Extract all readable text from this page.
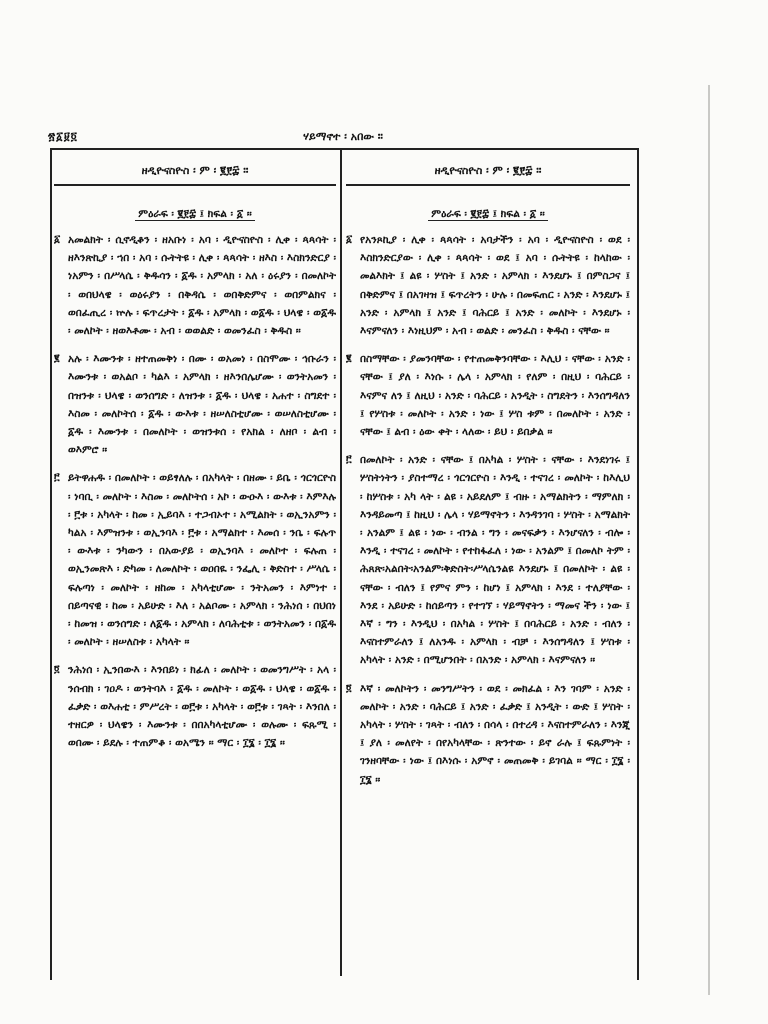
፳፩፱፬	ሃይማኖተ ፡ አበው ።
ዘዲዮናስዮስ ፡ ም ፡ ፪፻፰ ።
ምዕራፍ ፡ ፪፻፰ ፤ ክፍል ፡ ፩ ።
፩ አመልክት ፡ ሲኖዲቆን ፡ ዘአቡነ ፡ አባ ፡ ዲዮናስዮስ ፡ ሊቀ ፡ ጳጳሳት ፡ ዘእንጽኪያ ፡ ኀበ ፡ አባ ፡ ሱትትዩ ፡ ሊቀ ፡ ጳጳሳት ፡ ዘእስ ፡ እስክንድርያ ፡ ነአምን ፡ በሥላሴ ፡ ቅዱሳን ፡ ፩ዱ ፡ አምላክ ፡ አለ ፡ ዕሩያን ፡ በመለኮት ፡ ወበህላዌ ፡ ወዕሩያን ፡ በቅዳሴ ፡ ወበቅድምና ፡ ወበምልክና ፡ ወበፈጢረ ፡ ኵሉ ፡ ፍጥረታት ፡ ፩ዱ ፡ አምላክ ፡ ወ፩ዱ ፡ ህላዌ ፡ ወ፩ዱ ፡ መለኮት ፡ ዘወእቶሙ ፡ አብ ፡ ወወልድ ፡ ወመንፈስ ፡ ቅዱስ ።
፪ አሉ ፡ እሙንቱ ፡ ዘተጠመቅነ ፡ በሙ ፡ ወአመነ ፡ በስሞሙ ፡ ኅቡራን ፡ እሙንቱ ፡ ወአልቦ ፡ ካልእ ፡ አምላክ ፡ ዘእንበሌሆሙ ፡ ወንትአመን ፡ በዝንቱ ፡ ህላዌ ፡ ወንሰግድ ፡ ለዝንቱ ፡ ፩ዱ ፡ ህላዌ ፡ አሐተ ፡ ስግደተ ፡ እስመ ፡ መለኮትሰ ፡ ፩ዱ ፡ ውእቱ ፡ ዘሠለስቲሆሙ ፡ ወሠለስቲሆሙ ፡ ፩ዱ ፡ እሙንቱ ፡ በመለኮት ፡ ወዝንቱሰ ፡ የአክል ፡ ለዘቦ ፡ ልብ ፡ ወእምሮ ።
፫ ይትዋሐዱ ፡ በመለኮት ፡ ወይፃለሉ ፡ በአካላት ፡ በዘሙ ፡ ይቤ ፡ ጎርጎርዮስ ፡ ነባቢ ፡ መለኮት ፡ እስመ ፡ መለኮትሰ ፡ አኮ ፡ ውዑእ ፡ ውእቱ ፡ እምእሉ ፡ ፫ቱ ፡ አካላት ፡ ከመ ፡ ኢይባእ ፡ ተጋብኦተ ፡ አሚልክት ፡ ወኢንአምን ፡ ካልአ ፡ እምዝንቱ ፡ ወኢንባእ ፡ ፫ቱ ፡ አማልክተ ፡ እመሰ ፡ ንቤ ፡ ፍሉጥ ፡ ውእቱ ፡ ንካውን ፡ በአውያይ ፡ ወኢንባእ ፡ መለኮተ ፡ ፍሉጠ ፡ ወኢንመጽእ ፡ ድካመ ፡ ለመለኮት ፡ ወዐበዪ ፡ ንፌሊ ፡ ቅድስተ ፡ ሥላሴ ፡ ፍሉጣነ ፡ መለኮት ፡ ዘከመ ፡ አካላቲሆሙ ፡ ንትአመን ፡ እምነተ ፡ በይጣናዊ ፡ ከመ ፡ አይሁድ ፡ እለ ፡ አልቦሙ ፡ አምላክ ፡ ንሕነሰ ፡ በህበነ ፡ ከመዝ ፡ ወንሰግድ ፡ ለ፩ዱ ፡ አምላክ ፡ ለባሕቲቱ ፡ ወንትአመን ፡ በ፩ዱ ፡ መለኮት ፡ ዘሠለስቱ ፡ አካላት ።
፬ ንሕነሰ ፡ ኢንበውእ ፡ እንበይነ ፡ ክፊለ ፡ መለኮት ፡ ወመንግሥት ፡ አላ ፡ ንሰብክ ፡ ገዐዶ ፡ ወንትባእ ፡ ፩ዱ ፡ መለኮት ፡ ወ፩ዱ ፡ ህላዌ ፡ ወ፩ዱ ፡ ፈቃድ ፡ ወእሐቲ ፡ ምሥረት ፡ ወ፫ቱ ፡ አካላት ፡ ወ፫ቱ ፡ ገጻት ፡ እንበለ ፡ ተዘርዎ ፡ ህላዌን ፡ እሙንቱ ፡ በበአካላቲሆሙ ፡ ወሉሙ ፡ ፍጹሚ ፡ ወበሙ ፡ ይደሉ ፡ ተጠምቆ ፡ ወአሜን ። ማር ፡ ፲፮ ፡ ፲፮ ።
ዘዲዮናስዮስ ፡ ም ፡ ፪፻፰ ።
ምዕራፍ ፡ ፪፻፰ ፤ ክፍል ፡ ፩ ።
፩ የአንጾኪያ ፡ ሊቀ ፡ ጳጳሳት ፡ አባታችን ፡ አባ ፡ ዲዮናስዮስ ፡ ወደ ፡ እስክንድርያው ፡ ሊቀ ፡ ጳጳሳት ፡ ወደ ፤ አባ ፡ ሱትትዩ ፡ ከላከው ፡ መልእክት ፤ ልዩ ፡ ሦስት ፤ አንድ ፡ አምላክ ፡ እንደሆኑ ፤ በምስጋና ፤ በቅድምና ፤ በአገዛዝ ፤ ፍጥረትን ፡ ሁሉ ፡ በመፍጠር ፡ አንድ ፡ እንደሆኑ ፤ አንድ ፡ አምላክ ፤ አንድ ፤ ባሕርይ ፤ አንድ ፡ መለኮት ፡ እንደሆኑ ፡ እናምናለን ፡ እነዚህም ፡ አብ ፡ ወልድ ፡ መንፈስ ፡ ቅዱስ ፡ ናቸው ።
፪ በስማቸው ፡ ያመንባቸው ፡ የተጠመቅንባቸው ፡ እሊህ ፡ ናቸው ፡ አንድ ፡ ናቸው ፤ ያለ ፡ እነሱ ፡ ሌላ ፡ አምላክ ፡ የለም ፡ በዚህ ፡ ባሕርይ ፡ እናምና ለን ፤ ለዚህ ፡ አንድ ፡ ባሕርይ ፡ አንዲት ፡ ስግደትን ፡ እንሰግዳለን ፤ የሦስቱ ፡ መለኮት ፡ አንድ ፡ ነው ፤ ሦስ ቱም ፡ በመለኮት ፡ አንድ ፡ ናቸው ፤ ልብ ፡ ዕው ቀት ፡ ላለው ፡ ይህ ፡ ይበቃል ።
፫ በመለኮት ፡ አንድ ፡ ናቸው ፤ በአካል ፡ ሦስት ፡ ናቸው ፡ እንደነገሩ ፤ ሦስትነትን ፡ ያስተማረ ፡ ጎርጎርዮስ ፡ እንዲ ፡ ተናገረ ፡ መለኮት ፡ ከእሊህ ፡ ከሦስቱ ፡ አካ ላት ፡ ልዩ ፡ አይደለም ፤ ብዙ ፡ አማልክትን ፡ ማምለክ ፡ እንዳይመጣ ፤ ከዚህ ፡ ሌላ ፡ ሃይማኖትን ፡ እንዳንገባ ፡ ሦስት ፡ አማልክት ፡ አንልም ፤ ልዩ ፡ ነው ፡ ብንል ፡ ግን ፡ መናፍቃን ፡ እንሆናለን ፡ ብሎ ፡ እንዲ ፡ ተናገረ ፡ መለኮት ፡ የተከፋፈለ ፡ ነው ፡ አንልም ፤ በመለኮ ትም ፡ ሕጸጽ፡አልበት፡አንልም፡ቅድስት፡ሥላሴንልዩ እንደሆኑ ፤ በመለኮት ፡ ልዩ ፡ ናቸው ፡ ብለን ፤ የምና ምን ፡ ከሆነ ፤ አምላክ ፡ እንደ ፡ ተለያቸው ፡ እንደ ፡ አይሁድ ፡ ከሰይጣን ፡ የተገኘ ፡ ሃይማኖትን ፡ ማመና ችን ፡ ነው ፤ እኛ ፡ ግን ፡ እንዲህ ፡ በአካል ፡ ሦስት ፤ በባሕርይ ፡ አንድ ፡ ብለን ፡ እናስተምራለን ፤ ለአንዱ ፡ አምላክ ፡ ብቻ ፡ እንሰግዳለን ፤ ሦስቱ ፡ አካላት ፡ አንድ ፡ በሚሆንበት ፡ በአንድ ፡ አምላክ ፡ እናምናለን ።
፬ እኛ ፡ መለኮትን ፡ መንግሥትን ፡ ወደ ፡ መክፈል ፡ እን ገባም ፡ አንድ ፡ መለኮት ፡ አንድ ፡ ባሕርይ ፤ አንድ ፡ ፈቃድ ፤ አንዲት ፡ ውድ ፤ ሦስት ፡ አካላት ፡ ሦስት ፡ ገጻት ፡ ብለን ፡ በሳላ ፡ በተረዳ ፡ እናስተምራለን ፡ እንጂ ፤ ያለ ፡ መለየት ፡ በየአካላቸው ፡ ጽንተው ፡ ይኖ ራሉ ፤ ፍጹምነት ፡ ገንዘባቸው ፡ ነው ፤ በእነሱ ፡ አምኖ ፡ መጠመቅ ፡ ይገባል ። ማር ፡ ፲፮ ፡ ፲፮ ።
